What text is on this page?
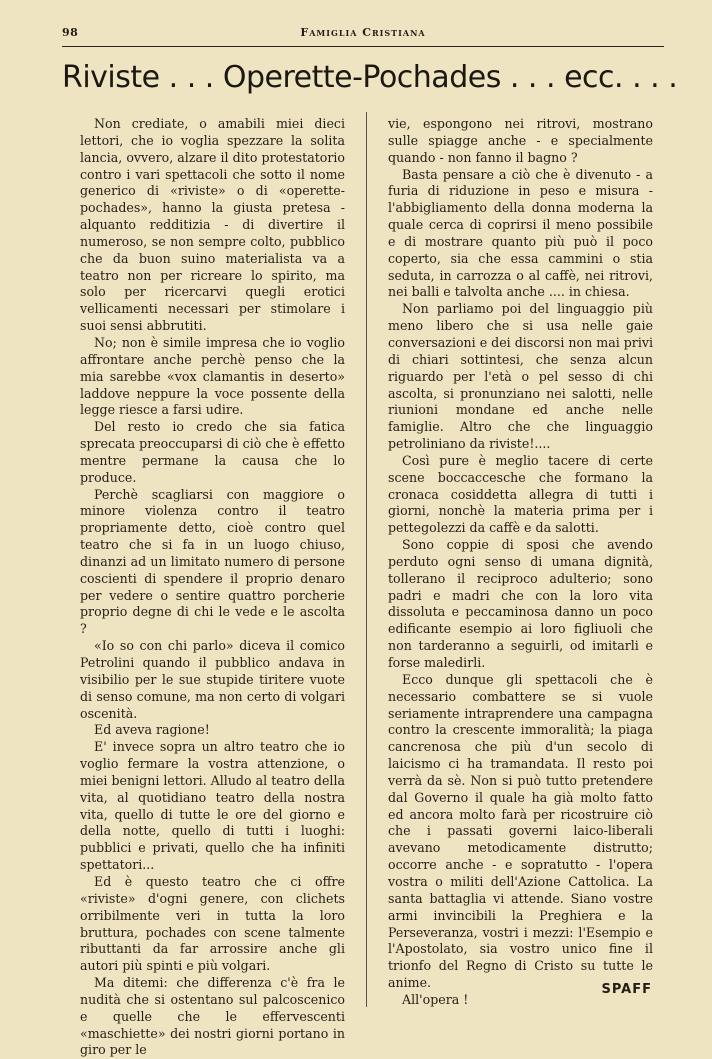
98	Famiglia Cristiana
Riviste . . . Operette-Pochades . . . ecc. . . .

Non crediate, o amabili miei dieci lettori, che io voglia spezzare la solita lancia, ovvero, alzare il dito protestatorio contro i vari spettacoli che sotto il nome generico di «riviste» o di «operette-pochades», hanno la giusta pretesa - alquanto redditizia - di divertire il numeroso, se non sempre colto, pubblico che da buon suino materialista va a teatro non per ricreare lo spirito, ma solo per ricercarvi quegli erotici vellicamenti necessari per stimolare i suoi sensi abbrutiti.

No; non è simile impresa che io voglio affrontare anche perchè penso che la mia sarebbe «vox clamantis in deserto» laddove neppure la voce possente della legge riesce a farsi udire.

Del resto io credo che sia fatica sprecata preoccuparsi di ciò che è effetto mentre permane la causa che lo produce.

Perchè scagliarsi con maggiore o minore violenza contro il teatro propriamente detto, cioè contro quel teatro che si fa in un luogo chiuso, dinanzi ad un limitato numero di persone coscienti di spendere il proprio denaro per vedere o sentire quattro porcherie proprio degne di chi le vede e le ascolta ?

«Io so con chi parlo» diceva il comico Petrolini quando il pubblico andava in visibilio per le sue stupide tiritere vuote di senso comune, ma non certo di volgari oscenità.

Ed aveva ragione!

E' invece sopra un altro teatro che io voglio fermare la vostra attenzione, o miei benigni lettori. Alludo al teatro della vita, al quotidiano teatro della nostra vita, quello di tutte le ore del giorno e della notte, quello di tutti i luoghi: pubblici e privati, quello che ha infiniti spettatori...

Ed è questo teatro che ci offre «riviste» d'ogni genere, con clichets orribilmente veri in tutta la loro bruttura, pochades con scene talmente ributtanti da far arrossire anche gli autori più spinti e più volgari.

Ma ditemi: che differenza c'è fra le nudità che si ostentano sul palcoscenico e quelle che le effervescenti «maschiette» dei nostri giorni portano in giro per le

vie, espongono nei ritrovi, mostrano sulle spiagge anche - e specialmente quando - non fanno il bagno ?

Basta pensare a ciò che è divenuto - a furia di riduzione in peso e misura - l'abbigliamento della donna moderna la quale cerca di coprirsi il meno possibile e di mostrare quanto più può il poco coperto, sia che essa cammini o stia seduta, in carrozza o al caffè, nei ritrovi, nei balli e talvolta anche .... in chiesa.

Non parliamo poi del linguaggio più meno libero che si usa nelle gaie conversazioni e dei discorsi non mai privi di chiari sottintesi, che senza alcun riguardo per l'età o pel sesso di chi ascolta, si pronunziano nei salotti, nelle riunioni mondane ed anche nelle famiglie. Altro che che linguaggio petroliniano da riviste!....

Così pure è meglio tacere di certe scene boccaccesche che formano la cronaca cosiddetta allegra di tutti i giorni, nonchè la materia prima per i pettegolezzi da caffè e da salotti.

Sono coppie di sposi che avendo perduto ogni senso di umana dignità, tollerano il reciproco adulterio; sono padri e madri che con la loro vita dissoluta e peccaminosa danno un poco edificante esempio ai loro figliuoli che non tarderanno a seguirli, od imitarli e forse maledirli.

Ecco dunque gli spettacoli che è necessario combattere se si vuole seriamente intraprendere una campagna contro la crescente immoralità; la piaga cancrenosa che più d'un secolo di laicismo ci ha tramandata. Il resto poi verrà da sè. Non si può tutto pretendere dal Governo il quale ha già molto fatto ed ancora molto farà per ricostruire ciò che i passati governi laico-liberali avevano metodicamente distrutto; occorre anche - e sopratutto - l'opera vostra o militi dell'Azione Cattolica. La santa battaglia vi attende. Siano vostre armi invincibili la Preghiera e la Perseveranza, vostri i mezzi: l'Esempio e l'Apostolato, sia vostro unico fine il trionfo del Regno di Cristo su tutte le anime.

All'opera !

SPAFF
